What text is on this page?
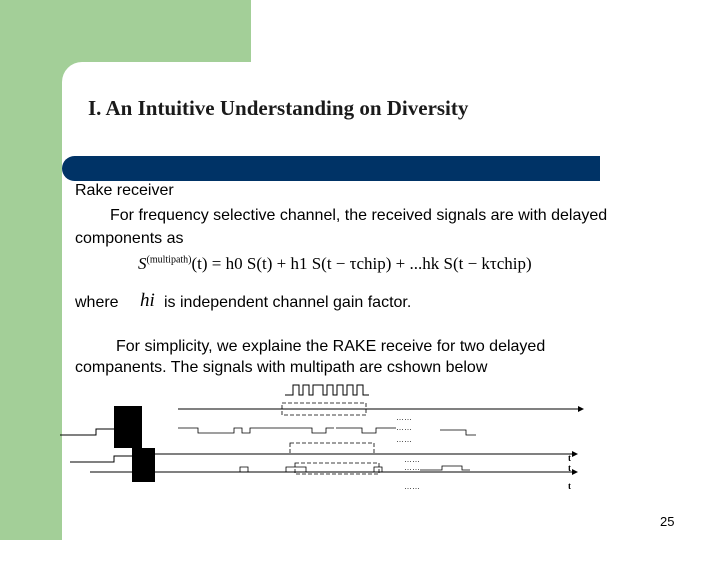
I. An Intuitive Understanding on Diversity
Rake receiver
For frequency selective channel, the received signals are with delayed
components as
$S^{(multipath)}(t) = h0$ S(t) + h1 S(t − τchip) + ...hk S(t − kτchip)
where hi is independent channel gain factor.
For simplicity, we explaine the RAKE receive for two delayed
companents. The signals with multipath are cshown below
……
……
……
……
……
……
t
t
t
25
